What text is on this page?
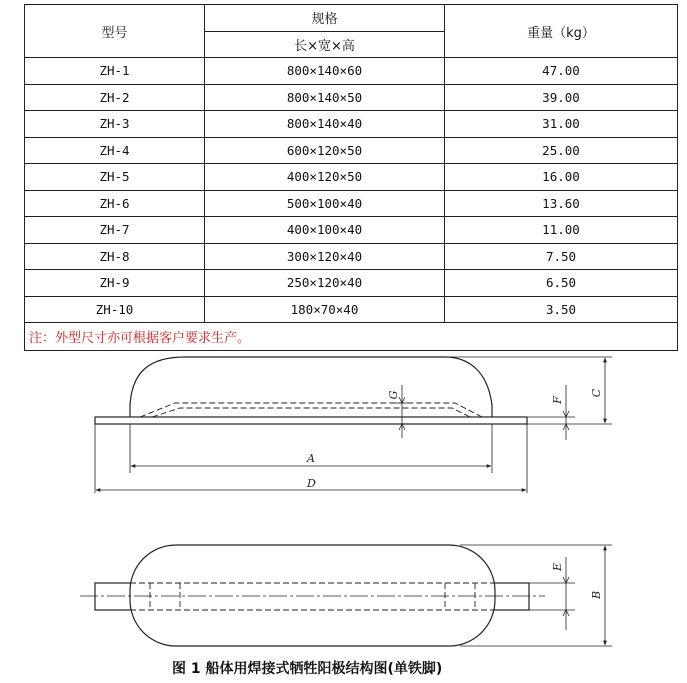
型号	规格	重量（kg）
	长×宽×高	
ZH-1	800×140×60	47.00
ZH-2	800×140×50	39.00
ZH-3	800×140×40	31.00
ZH-4	600×120×50	25.00
ZH-5	400×120×50	16.00
ZH-6	500×100×40	13.60
ZH-7	400×100×40	11.00
ZH-8	300×120×40	7.50
ZH-9	250×120×40	6.50
ZH-10	180×70×40	3.50
注：外型尺寸亦可根据客户要求生产。		
A
D
G
F
C
E
B
图 1 船体用焊接式牺牲阳极结构图(单铁脚)
